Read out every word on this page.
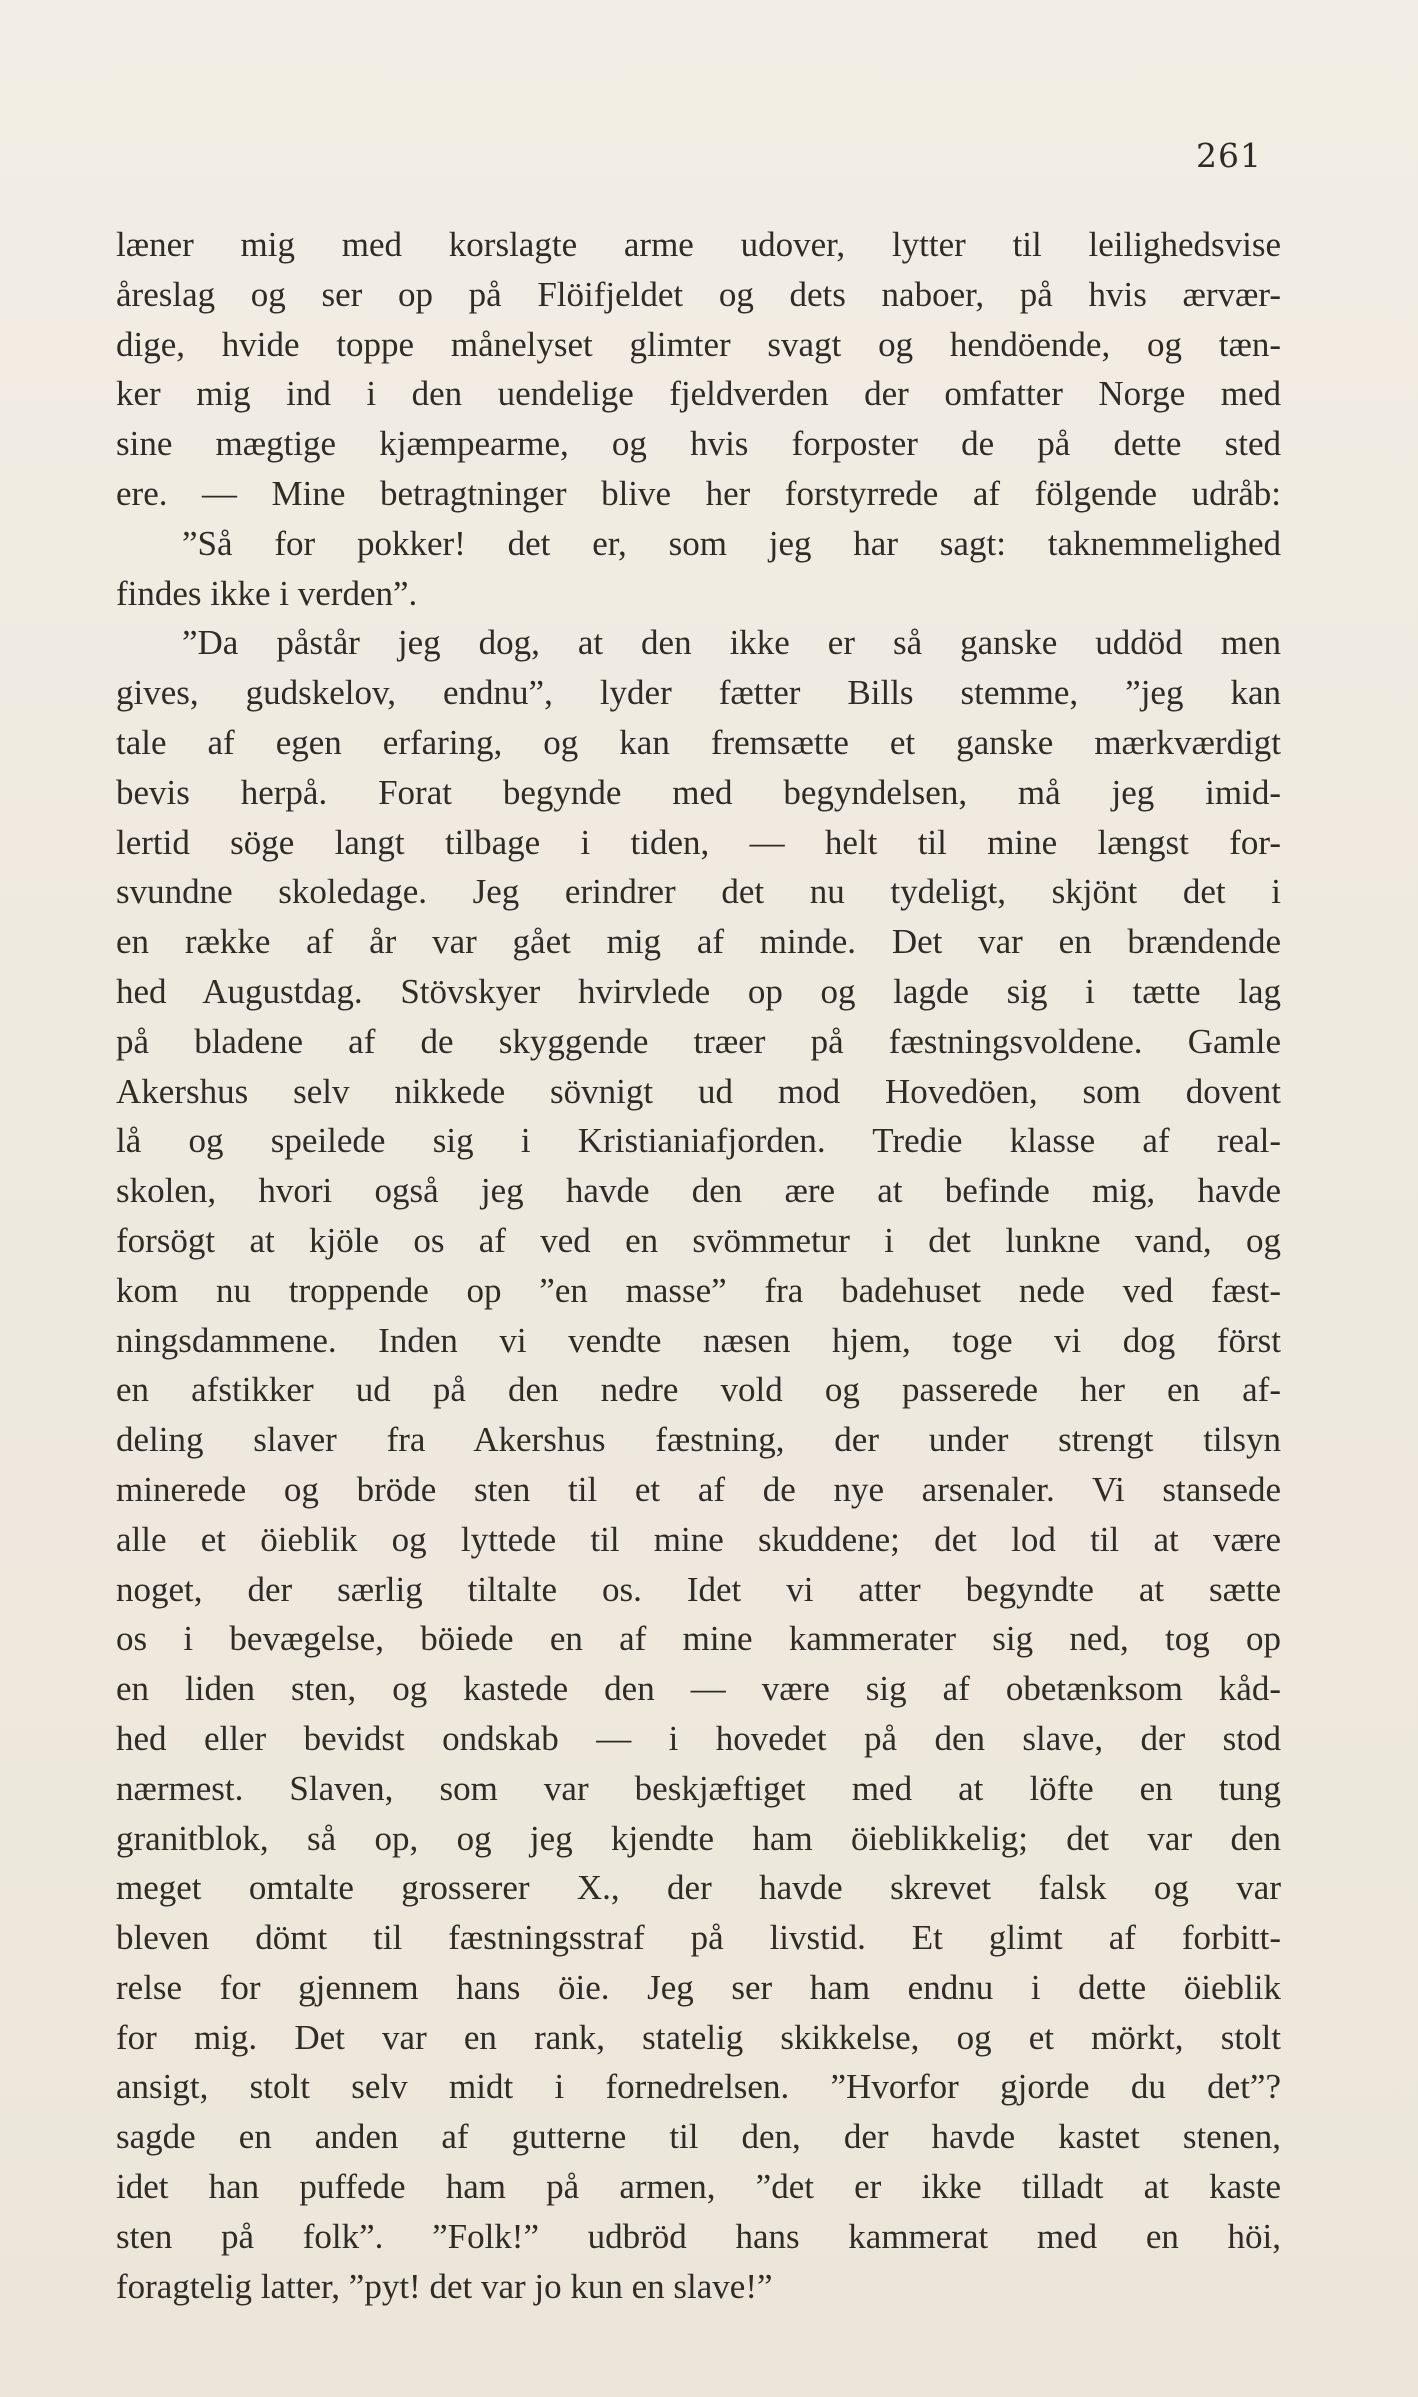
261
læner mig med korslagte arme udover, lytter til leilighedsvise
åreslag og ser op på Flöifjeldet og dets naboer, på hvis ærvær-
dige, hvide toppe månelyset glimter svagt og hendöende, og tæn-
ker mig ind i den uendelige fjeldverden der omfatter Norge med
sine mægtige kjæmpearme, og hvis forposter de på dette sted
ere. — Mine betragtninger blive her forstyrrede af fölgende udråb:
”Så for pokker! det er, som jeg har sagt: taknemmelighed
findes ikke i verden”.
”Da påstår jeg dog, at den ikke er så ganske uddöd men
gives, gudskelov, endnu”, lyder fætter Bills stemme, ”jeg kan
tale af egen erfaring, og kan fremsætte et ganske mærkværdigt
bevis herpå. Forat begynde med begyndelsen, må jeg imid-
lertid söge langt tilbage i tiden, — helt til mine længst for-
svundne skoledage. Jeg erindrer det nu tydeligt, skjönt det i
en række af år var gået mig af minde. Det var en brændende
hed Augustdag. Stövskyer hvirvlede op og lagde sig i tætte lag
på bladene af de skyggende træer på fæstningsvoldene. Gamle
Akershus selv nikkede sövnigt ud mod Hovedöen, som dovent
lå og speilede sig i Kristianiafjorden. Tredie klasse af real-
skolen, hvori også jeg havde den ære at befinde mig, havde
forsögt at kjöle os af ved en svömmetur i det lunkne vand, og
kom nu troppende op ”en masse” fra badehuset nede ved fæst-
ningsdammene. Inden vi vendte næsen hjem, toge vi dog först
en afstikker ud på den nedre vold og passerede her en af-
deling slaver fra Akershus fæstning, der under strengt tilsyn
minerede og bröde sten til et af de nye arsenaler. Vi stansede
alle et öieblik og lyttede til mine skuddene; det lod til at være
noget, der særlig tiltalte os. Idet vi atter begyndte at sætte
os i bevægelse, böiede en af mine kammerater sig ned, tog op
en liden sten, og kastede den — være sig af obetænksom kåd-
hed eller bevidst ondskab — i hovedet på den slave, der stod
nærmest. Slaven, som var beskjæftiget med at löfte en tung
granitblok, så op, og jeg kjendte ham öieblikkelig; det var den
meget omtalte grosserer X., der havde skrevet falsk og var
bleven dömt til fæstningsstraf på livstid. Et glimt af forbitt-
relse for gjennem hans öie. Jeg ser ham endnu i dette öieblik
for mig. Det var en rank, statelig skikkelse, og et mörkt, stolt
ansigt, stolt selv midt i fornedrelsen. ”Hvorfor gjorde du det”?
sagde en anden af gutterne til den, der havde kastet stenen,
idet han puffede ham på armen, ”det er ikke tilladt at kaste
sten på folk”. ”Folk!” udbröd hans kammerat med en höi,
foragtelig latter, ”pyt! det var jo kun en slave!”
